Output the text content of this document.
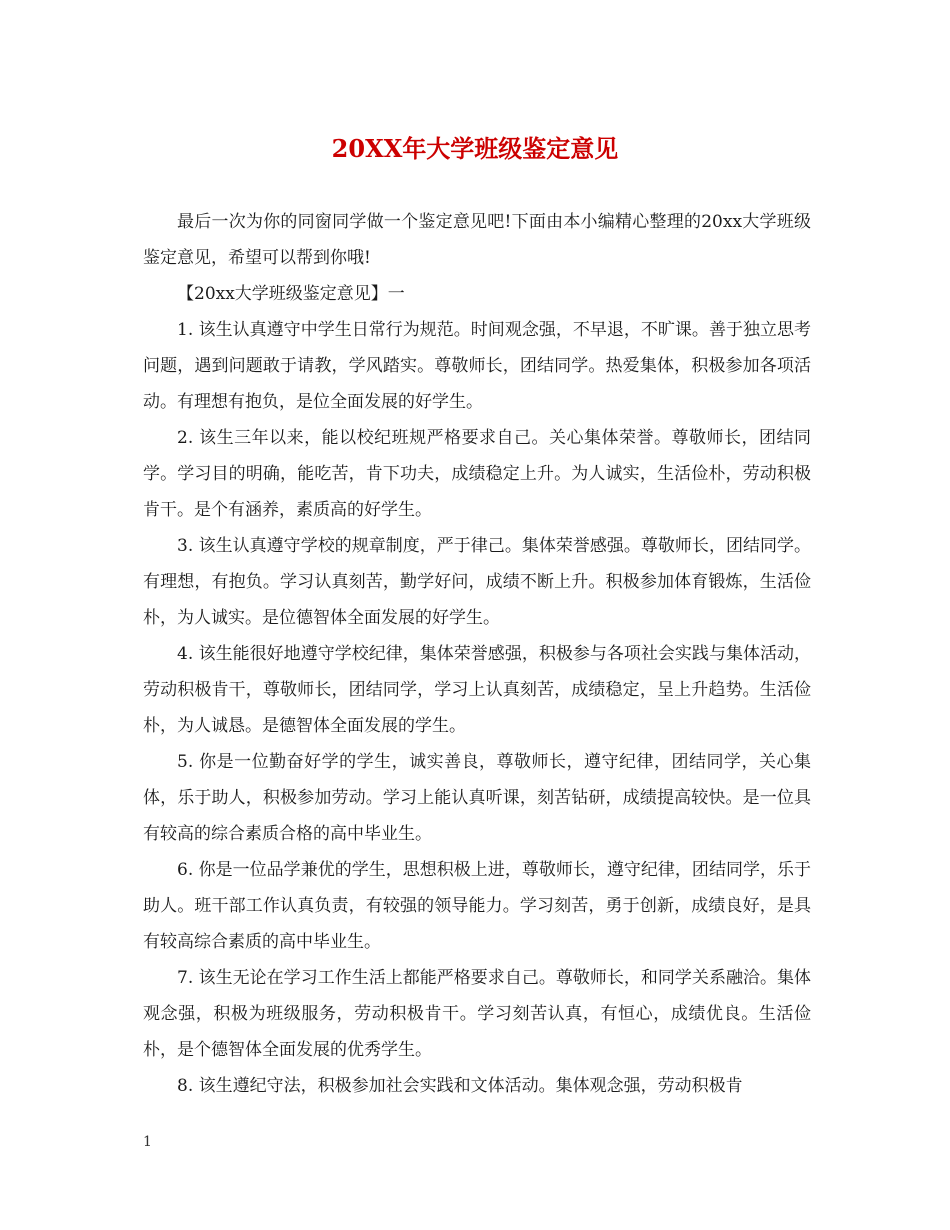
20XX年大学班级鉴定意见

最后一次为你的同窗同学做一个鉴定意见吧!下面由本小编精心整理的20xx大学班级鉴定意见，希望可以帮到你哦!

【20xx大学班级鉴定意见】一

1. 该生认真遵守中学生日常行为规范。时间观念强，不早退，不旷课。善于独立思考问题，遇到问题敢于请教，学风踏实。尊敬师长，团结同学。热爱集体，积极参加各项活动。有理想有抱负，是位全面发展的好学生。

2. 该生三年以来，能以校纪班规严格要求自己。关心集体荣誉。尊敬师长，团结同学。学习目的明确，能吃苦，肯下功夫，成绩稳定上升。为人诚实，生活俭朴，劳动积极肯干。是个有涵养，素质高的好学生。

3. 该生认真遵守学校的规章制度，严于律己。集体荣誉感强。尊敬师长，团结同学。有理想，有抱负。学习认真刻苦，勤学好问，成绩不断上升。积极参加体育锻炼，生活俭朴，为人诚实。是位德智体全面发展的好学生。

4. 该生能很好地遵守学校纪律，集体荣誉感强，积极参与各项社会实践与集体活动，劳动积极肯干，尊敬师长，团结同学，学习上认真刻苦，成绩稳定，呈上升趋势。生活俭朴，为人诚恳。是德智体全面发展的学生。

5. 你是一位勤奋好学的学生，诚实善良，尊敬师长，遵守纪律，团结同学，关心集体，乐于助人，积极参加劳动。学习上能认真听课，刻苦钻研，成绩提高较快。是一位具有较高的综合素质合格的高中毕业生。

6. 你是一位品学兼优的学生，思想积极上进，尊敬师长，遵守纪律，团结同学，乐于助人。班干部工作认真负责，有较强的领导能力。学习刻苦，勇于创新，成绩良好，是具有较高综合素质的高中毕业生。

7. 该生无论在学习工作生活上都能严格要求自己。尊敬师长，和同学关系融洽。集体观念强，积极为班级服务，劳动积极肯干。学习刻苦认真，有恒心，成绩优良。生活俭朴，是个德智体全面发展的优秀学生。

8. 该生遵纪守法，积极参加社会实践和文体活动。集体观念强，劳动积极肯

1
